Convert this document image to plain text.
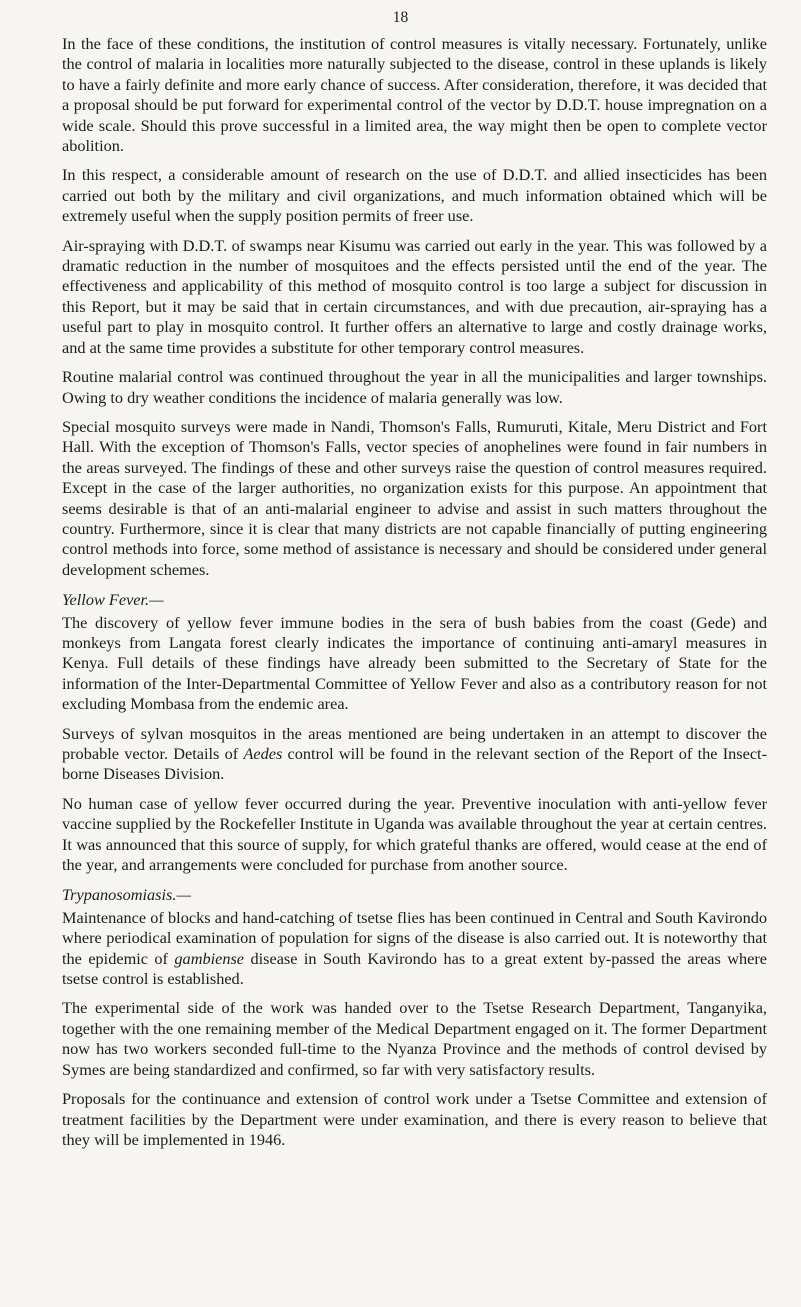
18

In the face of these conditions, the institution of control measures is vitally necessary. Fortunately, unlike the control of malaria in localities more naturally subjected to the disease, control in these uplands is likely to have a fairly definite and more early chance of success. After consideration, therefore, it was decided that a proposal should be put forward for experimental control of the vector by D.D.T. house impregnation on a wide scale. Should this prove successful in a limited area, the way might then be open to complete vector abolition.

In this respect, a considerable amount of research on the use of D.D.T. and allied insecticides has been carried out both by the military and civil organizations, and much information obtained which will be extremely useful when the supply position permits of freer use.

Air-spraying with D.D.T. of swamps near Kisumu was carried out early in the year. This was followed by a dramatic reduction in the number of mosquitoes and the effects persisted until the end of the year. The effectiveness and applicability of this method of mosquito control is too large a subject for discussion in this Report, but it may be said that in certain circumstances, and with due precaution, air-spraying has a useful part to play in mosquito control. It further offers an alternative to large and costly drainage works, and at the same time provides a substitute for other temporary control measures.

Routine malarial control was continued throughout the year in all the municipalities and larger townships. Owing to dry weather conditions the incidence of malaria generally was low.

Special mosquito surveys were made in Nandi, Thomson's Falls, Rumuruti, Kitale, Meru District and Fort Hall. With the exception of Thomson's Falls, vector species of anophelines were found in fair numbers in the areas surveyed. The findings of these and other surveys raise the question of control measures required. Except in the case of the larger authorities, no organization exists for this purpose. An appointment that seems desirable is that of an anti-malarial engineer to advise and assist in such matters throughout the country. Furthermore, since it is clear that many districts are not capable financially of putting engineering control methods into force, some method of assistance is necessary and should be considered under general development schemes.

Yellow Fever.—

The discovery of yellow fever immune bodies in the sera of bush babies from the coast (Gede) and monkeys from Langata forest clearly indicates the importance of continuing anti-amaryl measures in Kenya. Full details of these findings have already been submitted to the Secretary of State for the information of the Inter-Departmental Committee of Yellow Fever and also as a contributory reason for not excluding Mombasa from the endemic area.

Surveys of sylvan mosquitos in the areas mentioned are being undertaken in an attempt to discover the probable vector. Details of Aedes control will be found in the relevant section of the Report of the Insect-borne Diseases Division.

No human case of yellow fever occurred during the year. Preventive inoculation with anti-yellow fever vaccine supplied by the Rockefeller Institute in Uganda was available throughout the year at certain centres. It was announced that this source of supply, for which grateful thanks are offered, would cease at the end of the year, and arrangements were concluded for purchase from another source.

Trypanosomiasis.—

Maintenance of blocks and hand-catching of tsetse flies has been continued in Central and South Kavirondo where periodical examination of population for signs of the disease is also carried out. It is noteworthy that the epidemic of gambiense disease in South Kavirondo has to a great extent by-passed the areas where tsetse control is established.

The experimental side of the work was handed over to the Tsetse Research Department, Tanganyika, together with the one remaining member of the Medical Department engaged on it. The former Department now has two workers seconded full-time to the Nyanza Province and the methods of control devised by Symes are being standardized and confirmed, so far with very satisfactory results.

Proposals for the continuance and extension of control work under a Tsetse Committee and extension of treatment facilities by the Department were under examination, and there is every reason to believe that they will be implemented in 1946.
